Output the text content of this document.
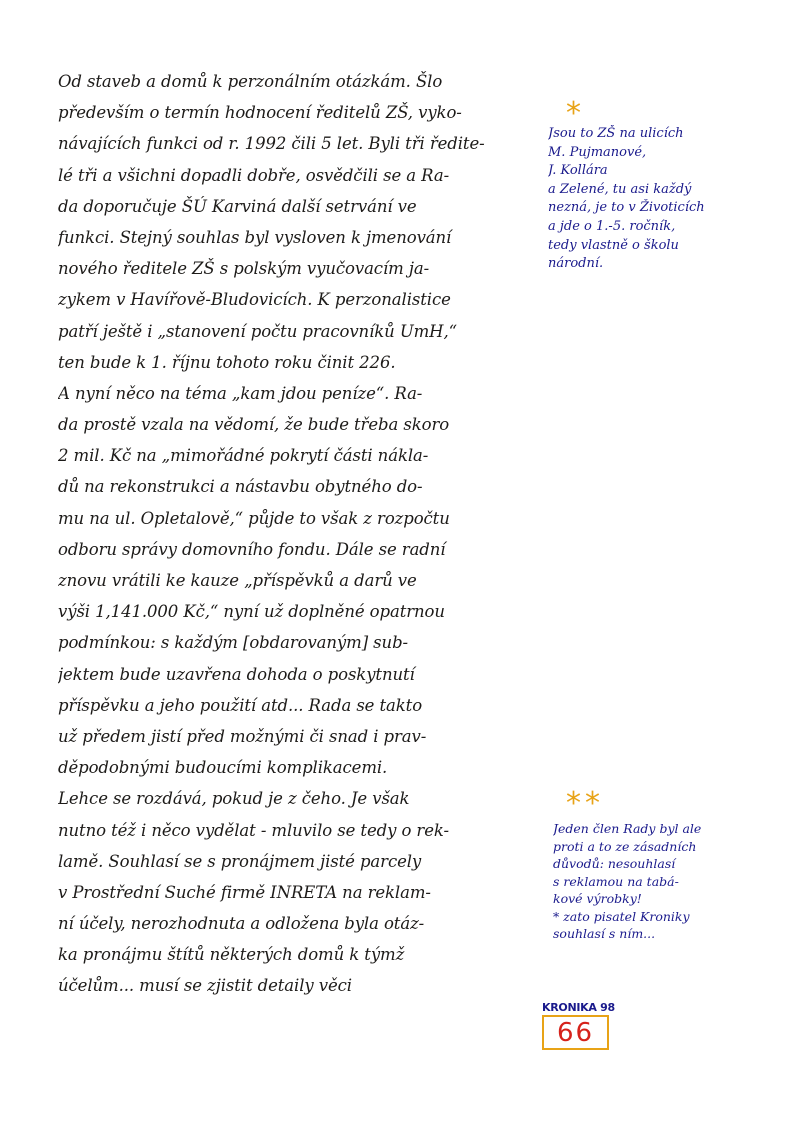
Od staveb a domů k perzonálním otázkám. Šlo
především o termín hodnocení ředitelů ZŠ, vyko-
návajících funkci od r. 1992 čili 5 let. Byli tři ředite-
lé tři a všichni dopadli dobře, osvědčili se a Ra-
da doporučuje ŠÚ Karviná další setrvání ve
funkci. Stejný souhlas byl vysloven k jmenování
nového ředitele ZŠ s polským vyučovacím ja-
zykem v Havířově-Bludovicích. K perzonalistice
patří ještě i „stanovení počtu pracovníků UmH,“
ten bude k 1. říjnu tohoto roku činit 226.
A nyní něco na téma „kam jdou peníze“. Ra-
da prostě vzala na vědomí, že bude třeba skoro
2 mil. Kč na „mimořádné pokrytí části nákla-
dů na rekonstrukci a nástavbu obytného do-
mu na ul. Opletalově,“ půjde to však z rozpočtu
odboru správy domovního fondu. Dále se radní
znovu vrátili ke kauze „příspěvků a darů ve
výši 1,141.000 Kč,“ nyní už doplněné opatrnou
podmínkou: s každým [obdarovaným] sub-
jektem bude uzavřena dohoda o poskytnutí
příspěvku a jeho použití atd... Rada se takto
už předem jistí před možnými či snad i prav-
děpodobnými budoucími komplikacemi.
Lehce se rozdává, pokud je z čeho. Je však
nutno též i něco vydělat - mluvilo se tedy o rek-
lamě. Souhlasí se s pronájmem jisté parcely
v Prostřední Suché firmě INRETA na reklam-
ní účely, nerozhodnuta a odložena byla otáz-
ka pronájmu štítů některých domů k týmž
účelům... musí se zjistit detaily věci
*
Jsou to ZŠ na ulicích
M. Pujmanové,
J. Kollára
a Zelené, tu asi každý
nezná, je to v Životicích
a jde o 1.-5. ročník,
tedy vlastně o školu
národní.
**
Jeden člen Rady byl ale
proti a to ze zásadních
důvodů: nesouhlasí
s reklamou na tabá-
kové výrobky!
* zato pisatel Kroniky
souhlasí s ním...
KRONIKA 98
66
